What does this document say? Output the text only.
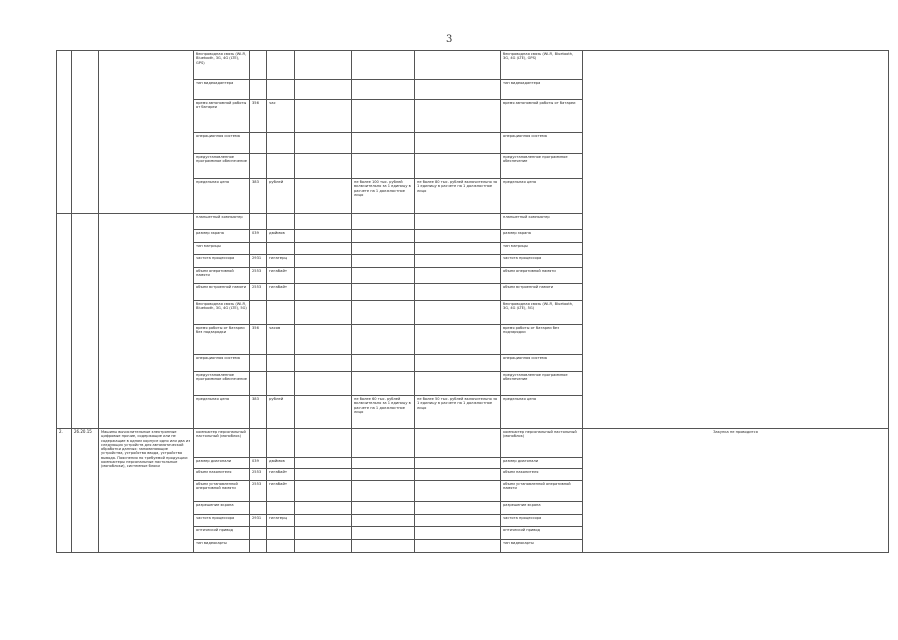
3
			беспроводная связь (Wi-Fi, Bluetooth, 3G, 4G (LTE), GPS)						беспроводная связь (Wi-Fi, Bluetooth, 3G, 4G (LTE), GPS)	
			тип видеоадаптера						тип видеоадаптера	
			время автономной работы от батареи	356	час				время автономной работы от батареи	
			операционная система						операционная система	
			предустановленное программное обеспечение						предустановленное программное обеспечение	
			предельная цена	383	рублей		не более 100 тыс. рублей включительно за 1 единицу в расчете на 1 должностное лицо	не более 80 тыс. рублей включительно за 1 единицу в расчете на 1 должностное лицо	предельная цена	
			планшетный компьютер						планшетный компьютер	
			размер экрана	039	дюймов				размер экрана	
			тип матрицы						тип матрицы	
			частота процессора	2931	гигагерц				частота процессора	
			объем оперативной памяти	2553	гигабайт				объем оперативной памяти	
			объем встроенной памяти	2553	гигабайт				объем встроенной памяти	
			беспроводная связь (Wi-Fi, Bluetooth, 3G, 4G (LTE), 5G)						беспроводная связь (Wi-Fi, Bluetooth, 3G, 4G (LTE), 5G)	
			время работы от батареи без подзарядки	356	часов				время работы от батареи без подзарядки	
			операционная система						операционная система	
			предустановленное программное обеспечение						предустановленное программное обеспечение	
			предельная цена	383	рублей		не более 60 тыс. рублей включительно за 1 единицу в расчете на 1 должностное лицо	не более 50 тыс. рублей включительно за 1 единицу в расчете на 1 должностное лицо	предельная цена	
2.	26.20.15	Машины вычислительные электронные цифровые прочие, содержащие или не содержащие в одном корпусе одно или два из следующих устройств для автоматической обработки данных: запоминающие устройства, устройства ввода, устройства вывода. Пояснения по требуемой продукции: компьютеры персональные настольные (моноблоки), системные блоки	компьютер персональный настольный (моноблок)						компьютер персональный настольный (моноблок)	Закупка не проводится
			размер диагонали	039	дюймов				размер диагонали	
			объем накопителя	2553	гигабайт				объем накопителя	
			объем установленной оперативной памяти	2553	гигабайт				объем установленной оперативной памяти	
			разрешение экрана						разрешение экрана	
			частота процессора	2931	гигагерц				частота процессора	
			оптический привод						оптический привод	
			тип видеокарты						тип видеокарты	
